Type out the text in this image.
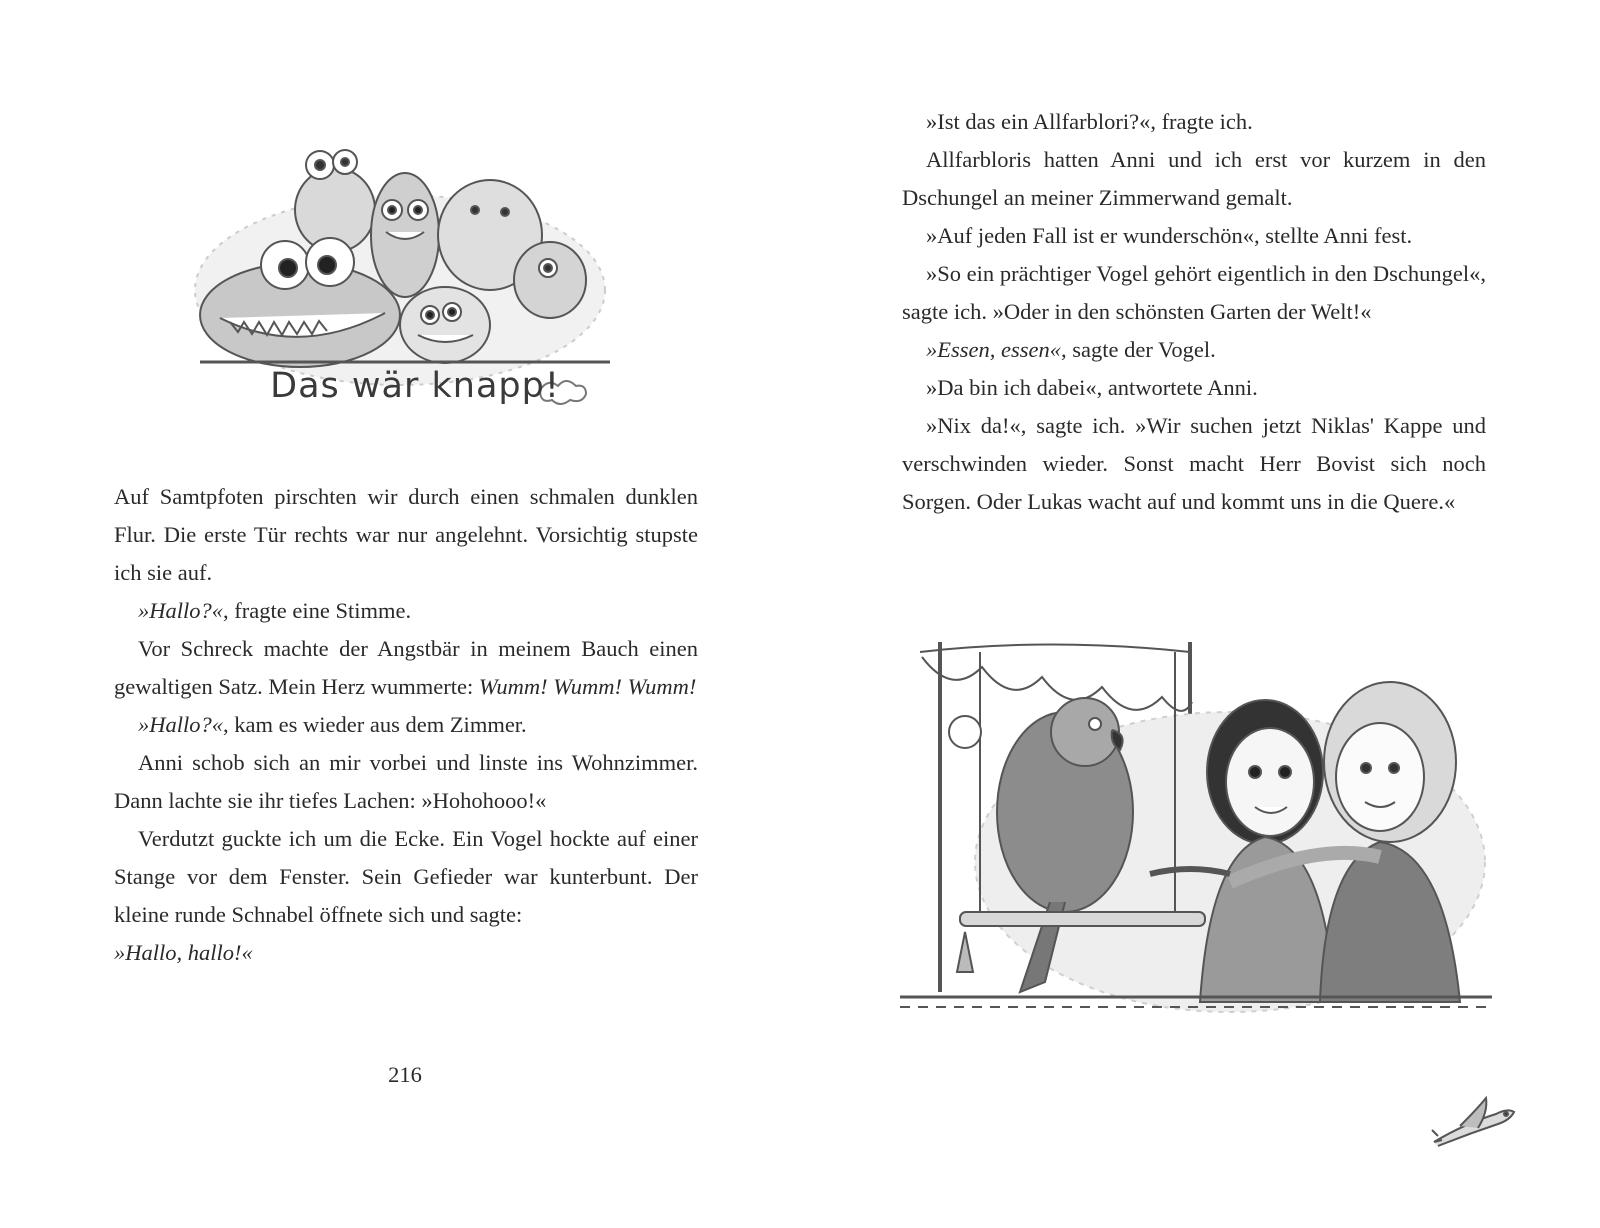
Das wär knapp!

Auf Samtpfoten pirschten wir durch einen schmalen dunklen Flur. Die erste Tür rechts war nur angelehnt. Vorsichtig stupste ich sie auf.

»Hallo?«, fragte eine Stimme.

Vor Schreck machte der Angstbär in meinem Bauch einen gewaltigen Satz. Mein Herz wummerte: Wumm! Wumm! Wumm!

»Hallo?«, kam es wieder aus dem Zimmer.

Anni schob sich an mir vorbei und linste ins Wohnzimmer. Dann lachte sie ihr tiefes Lachen: »Hohohooo!«

Verdutzt guckte ich um die Ecke. Ein Vogel hockte auf einer Stange vor dem Fenster. Sein Gefieder war kunterbunt. Der kleine runde Schnabel öffnete sich und sagte:

»Hallo, hallo!«

216

»Ist das ein Allfarblori?«, fragte ich.

Allfarbloris hatten Anni und ich erst vor kurzem in den Dschungel an meiner Zimmerwand gemalt.

»Auf jeden Fall ist er wunderschön«, stellte Anni fest.

»So ein prächtiger Vogel gehört eigentlich in den Dschungel«, sagte ich. »Oder in den schönsten Garten der Welt!«

»Essen, essen«, sagte der Vogel.

»Da bin ich dabei«, antwortete Anni.

»Nix da!«, sagte ich. »Wir suchen jetzt Niklas' Kappe und verschwinden wieder. Sonst macht Herr Bovist sich noch Sorgen. Oder Lukas wacht auf und kommt uns in die Quere.«
